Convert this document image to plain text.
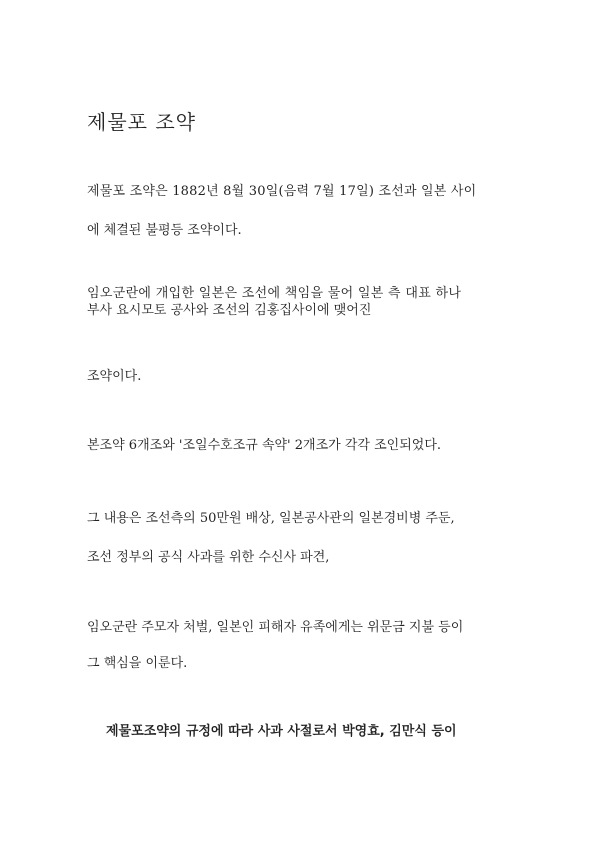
제물포 조약
제물포 조약은 1882년 8월 30일(음력 7월 17일) 조선과 일본 사이
에 체결된 불평등 조약이다.
임오군란에 개입한 일본은 조선에 책임을 물어 일본 측 대표 하나
부사 요시모토 공사와 조선의 김홍집사이에 맺어진
조약이다.
본조약 6개조와 '조일수호조규 속약' 2개조가 각각 조인되었다.
그 내용은 조선측의 50만원 배상, 일본공사관의 일본경비병 주둔,
조선 정부의 공식 사과를 위한 수신사 파견,
임오군란 주모자 처벌, 일본인 피해자 유족에게는 위문금 지불 등이
그 핵심을 이룬다.
제물포조약의 규정에 따라 사과 사절로서 박영효, 김만식 등이
